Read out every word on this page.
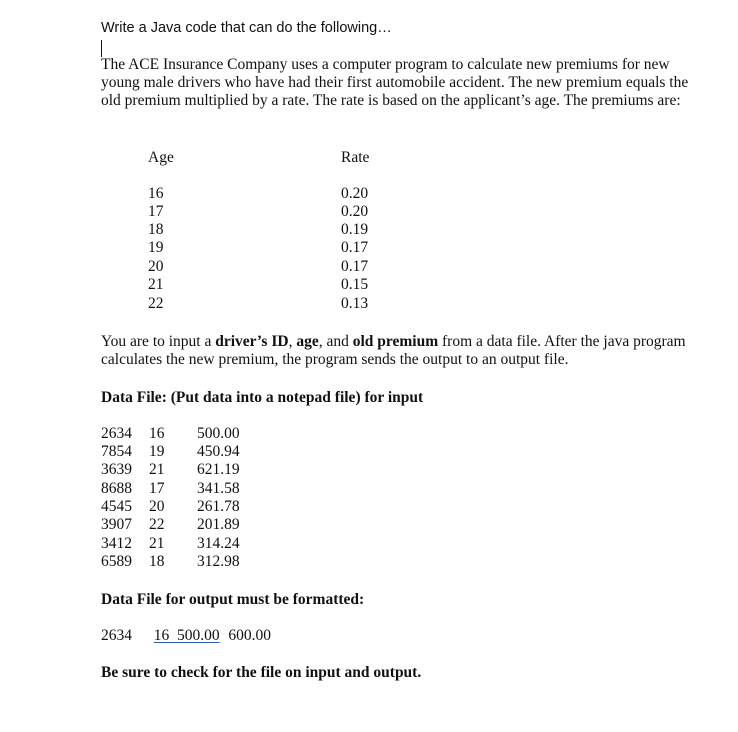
Write a Java code that can do the following…
The ACE Insurance Company uses a computer program to calculate new premiums for new young male drivers who have had their first automobile accident. The new premium equals the old premium multiplied by a rate. The rate is based on the applicant’s age. The premiums are:
Age	Rate
16	0.20
17	0.20
18	0.19
19	0.17
20	0.17
21	0.15
22	0.13
You are to input a driver’s ID, age, and old premium from a data file. After the java program calculates the new premium, the program sends the output to an output file.
Data File: (Put data into a notepad file) for input
2634 16 500.00
7854 19 450.94
3639 21 621.19
8688 17 341.58
4545 20 261.78
3907 22 201.89
3412 21 314.24
6589 18 312.98
Data File for output must be formatted:
2634 16  500.00 600.00
Be sure to check for the file on input and output.
